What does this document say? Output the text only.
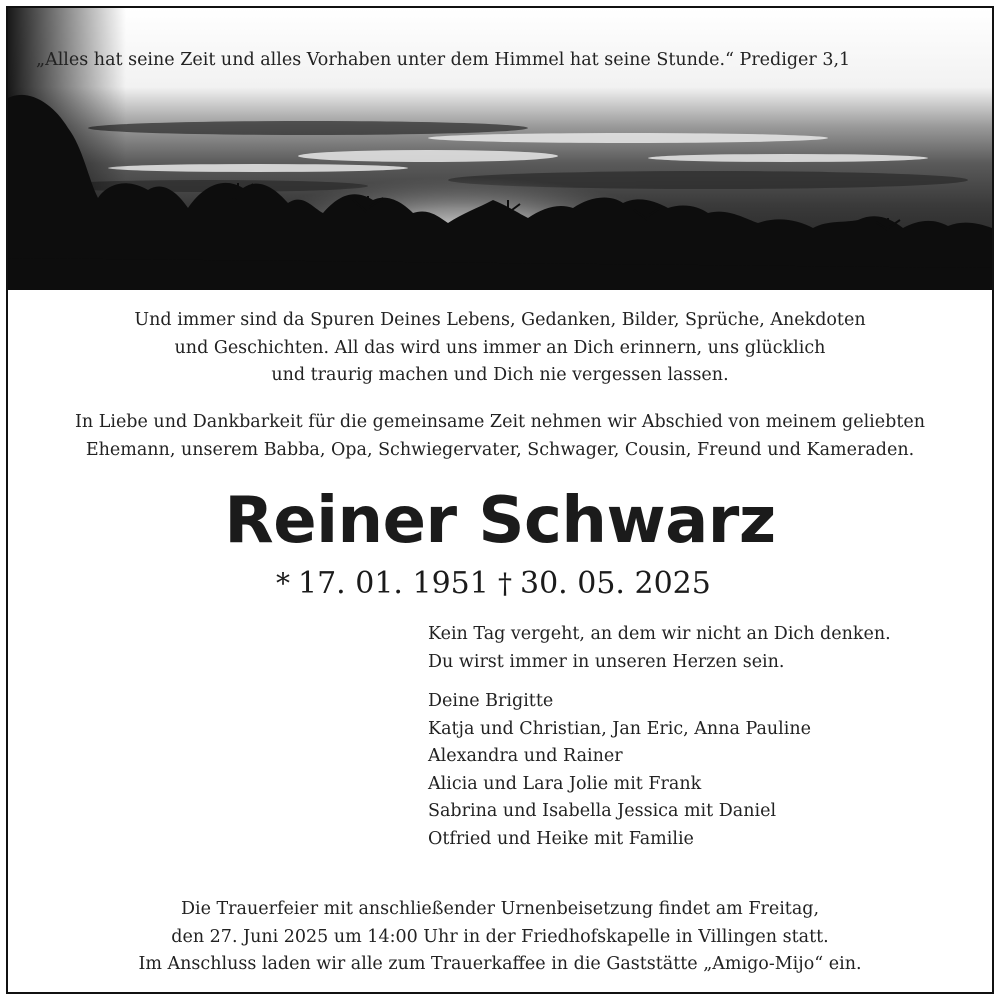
„Alles hat seine Zeit und alles Vorhaben unter dem Himmel hat seine Stunde.“ Prediger 3,1
Und immer sind da Spuren Deines Lebens, Gedanken, Bilder, Sprüche, Anekdoten
und Geschichten. All das wird uns immer an Dich erinnern, uns glücklich
und traurig machen und Dich nie vergessen lassen.
In Liebe und Dankbarkeit für die gemeinsame Zeit nehmen wir Abschied von meinem geliebten
Ehemann, unserem Babba, Opa, Schwiegervater, Schwager, Cousin, Freund und Kameraden.
Reiner Schwarz
* 17. 01. 1951 † 30. 05. 2025
Kein Tag vergeht, an dem wir nicht an Dich denken.
Du wirst immer in unseren Herzen sein.
Deine Brigitte
Katja und Christian, Jan Eric, Anna Pauline
Alexandra und Rainer
Alicia und Lara Jolie mit Frank
Sabrina und Isabella Jessica mit Daniel
Otfried und Heike mit Familie
Die Trauerfeier mit anschließender Urnenbeisetzung findet am Freitag,
den 27. Juni 2025 um 14:00 Uhr in der Friedhofskapelle in Villingen statt.
Im Anschluss laden wir alle zum Trauerkaffee in die Gaststätte „Amigo-Mijo“ ein.
